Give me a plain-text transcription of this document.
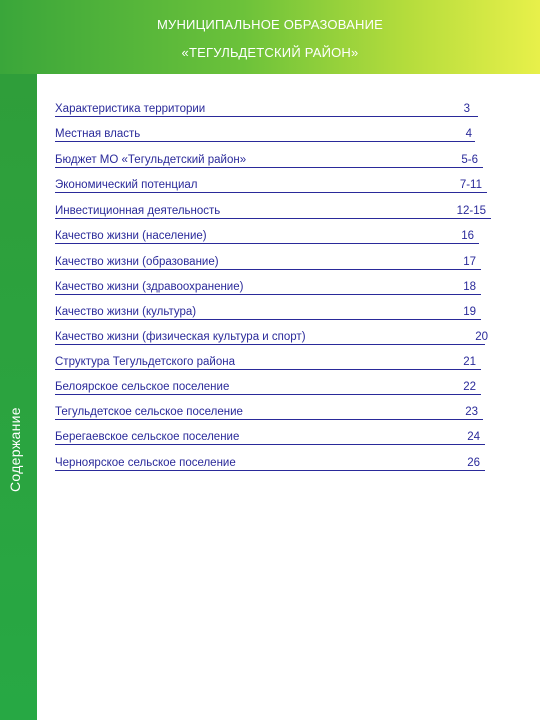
МУНИЦИПАЛЬНОЕ ОБРАЗОВАНИЕ
«ТЕГУЛЬДЕТСКИЙ РАЙОН»
Содержание
Характеристика территории	3
Местная власть	4
Бюджет МО «Тегульдетский район»	5-6
Экономический потенциал	7-11
Инвестиционная деятельность	12-15
Качество жизни (население)	16
Качество жизни (образование)	17
Качество жизни (здравоохранение)	18
Качество жизни (культура)	19
Качество жизни (физическая культура и спорт)	20
Структура Тегульдетского района	21
Белоярское сельское поселение	22
Тегульдетское сельское поселение	23
Берегаевское сельское поселение	24
Черноярское сельское поселение	26
